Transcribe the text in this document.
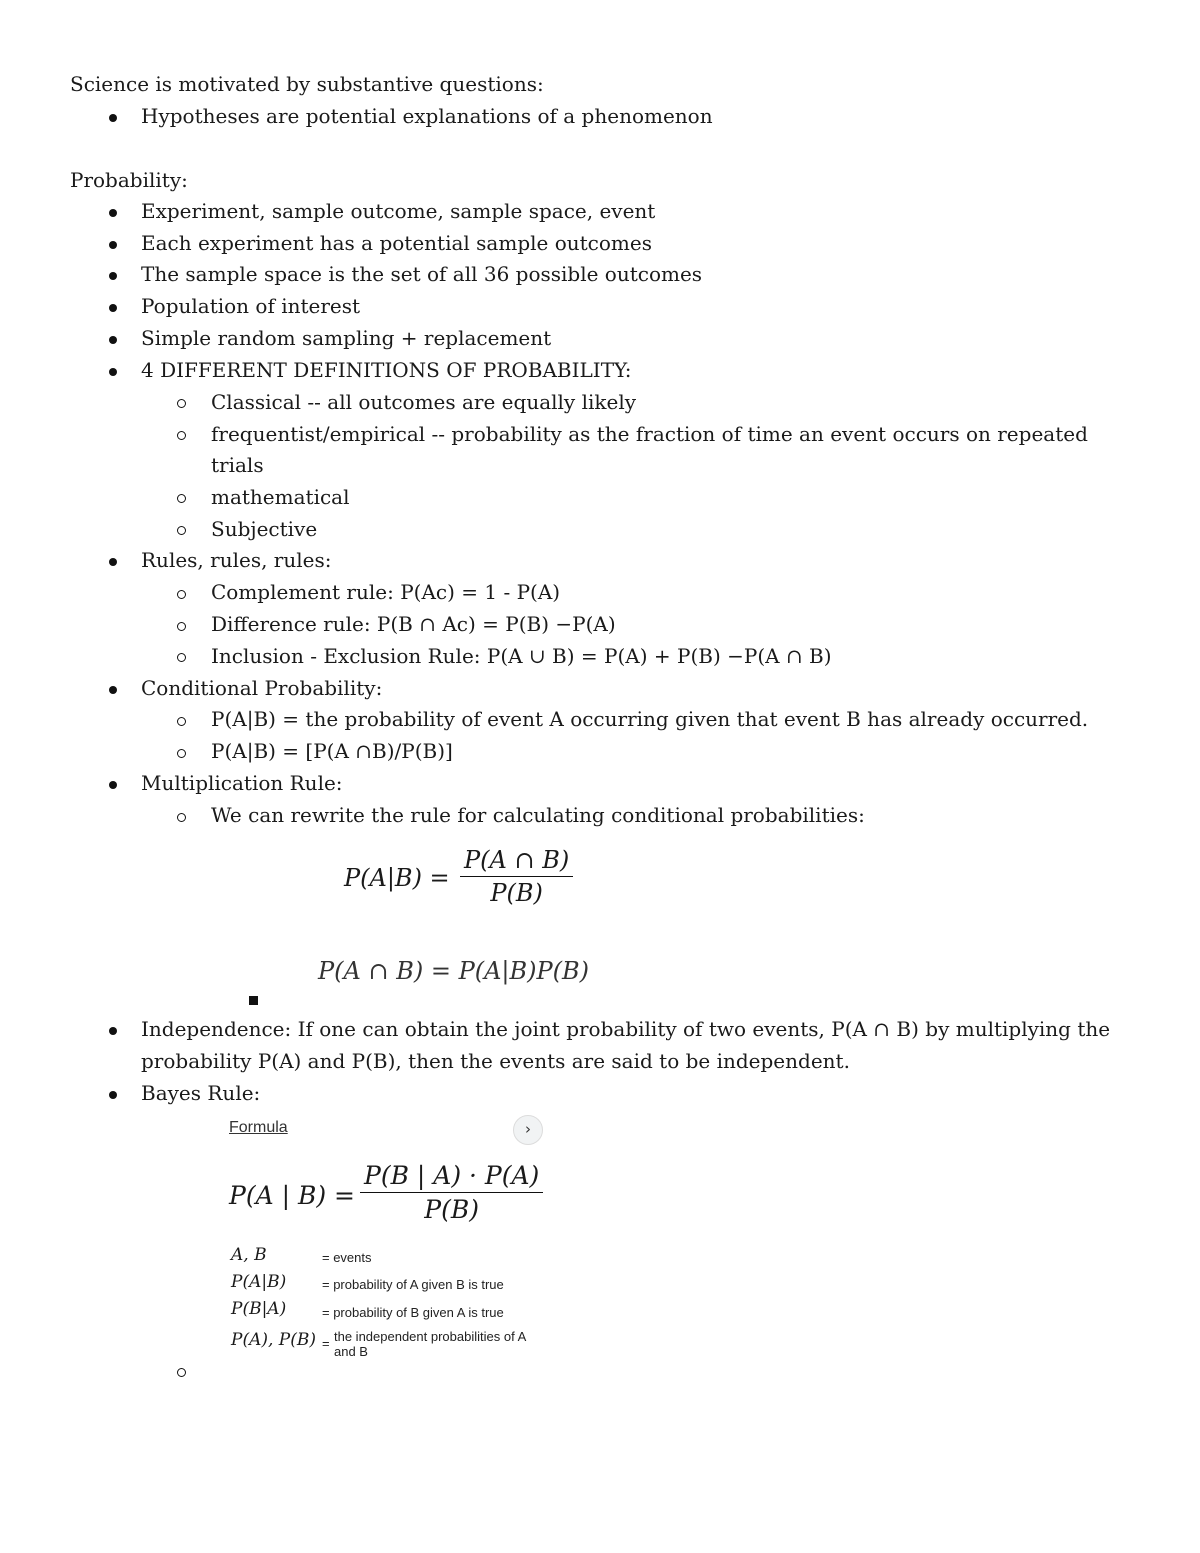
Science is motivated by substantive questions:
Hypotheses are potential explanations of a phenomenon
Probability:
Experiment, sample outcome, sample space, event
Each experiment has a potential sample outcomes
The sample space is the set of all 36 possible outcomes
Population of interest
Simple random sampling + replacement
4 DIFFERENT DEFINITIONS OF PROBABILITY:
Classical -- all outcomes are equally likely
frequentist/empirical -- probability as the fraction of time an event occurs on repeated
trials
mathematical
Subjective
Rules, rules, rules:
Complement rule: P(Ac) = 1 - P(A)
Difference rule: P(B ∩ Ac) = P(B) −P(A)
Inclusion - Exclusion Rule: P(A ∪ B) = P(A) + P(B) −P(A ∩ B)
Conditional Probability:
P(A|B) = the probability of event A occurring given that event B has already occurred.
P(A|B) = [P(A ∩B)/P(B)]
Multiplication Rule:
We can rewrite the rule for calculating conditional probabilities:
$P(A|B) = \frac{P(A \cap B)}{P(B)}$
P(A ∩ B) = P(A|B)P(B)
Independence: If one can obtain the joint probability of two events, P(A ∩ B) by multiplying the
probability P(A) and P(B), then the events are said to be independent.
Bayes Rule:
Formula	›
P(A | $B) = \frac{P(B | A) \cdot P(A)}{P(B)}$
A, B	= events
P(A|B)	= probability of A given B is true
P(B|A)	= probability of B given A is true
P(A), P(B) = the independent probabilities of A
and B
